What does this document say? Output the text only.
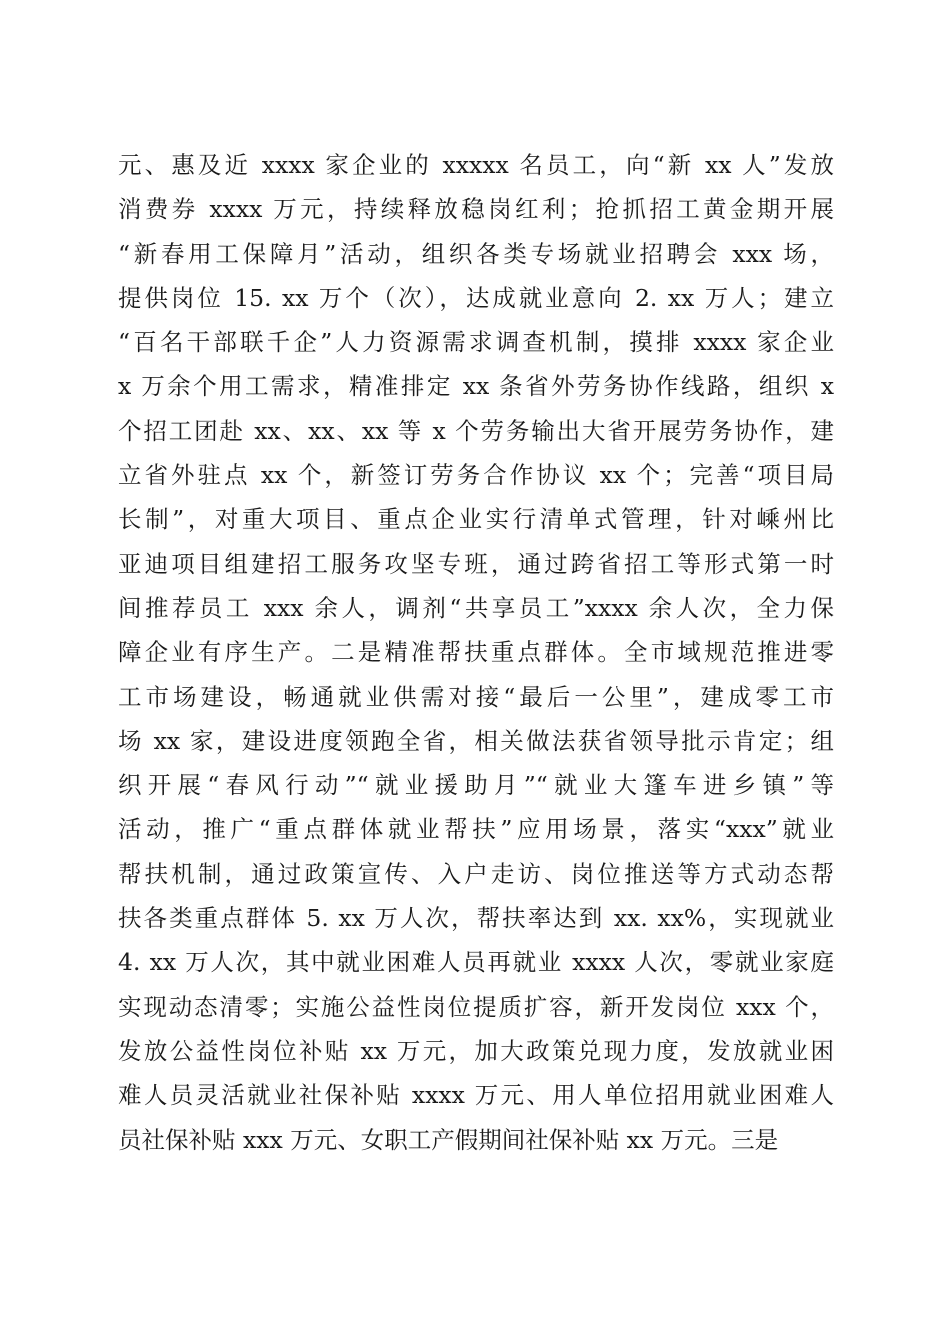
元、惠及近 xxxx 家企业的 xxxxx 名员工，向“新 xx 人”发放
消费券 xxxx 万元，持续释放稳岗红利；抢抓招工黄金期开展
“新春用工保障月”活动，组织各类专场就业招聘会 xxx 场，
提供岗位 15. xx 万个（次），达成就业意向 2. xx 万人；建立
“百名干部联千企”人力资源需求调查机制，摸排 xxxx 家企业
x 万余个用工需求，精准排定 xx 条省外劳务协作线路，组织 x
个招工团赴 xx、xx、xx 等 x 个劳务输出大省开展劳务协作，建
立省外驻点 xx 个，新签订劳务合作协议 xx 个；完善“项目局
长制”，对重大项目、重点企业实行清单式管理，针对嵊州比
亚迪项目组建招工服务攻坚专班，通过跨省招工等形式第一时
间推荐员工 xxx 余人，调剂“共享员工”xxxx 余人次，全力保
障企业有序生产。二是精准帮扶重点群体。全市域规范推进零
工市场建设，畅通就业供需对接“最后一公里”，建成零工市
场 xx 家，建设进度领跑全省，相关做法获省领导批示肯定；组
织开展“春风行动”“就业援助月”“就业大篷车进乡镇”等
活动，推广“重点群体就业帮扶”应用场景，落实“xxx”就业
帮扶机制，通过政策宣传、入户走访、岗位推送等方式动态帮
扶各类重点群体 5. xx 万人次，帮扶率达到 xx. xx%，实现就业
4. xx 万人次，其中就业困难人员再就业 xxxx 人次，零就业家庭
实现动态清零；实施公益性岗位提质扩容，新开发岗位 xxx 个，
发放公益性岗位补贴 xx 万元，加大政策兑现力度，发放就业困
难人员灵活就业社保补贴 xxxx 万元、用人单位招用就业困难人
员社保补贴 xxx 万元、女职工产假期间社保补贴 xx 万元。三是
